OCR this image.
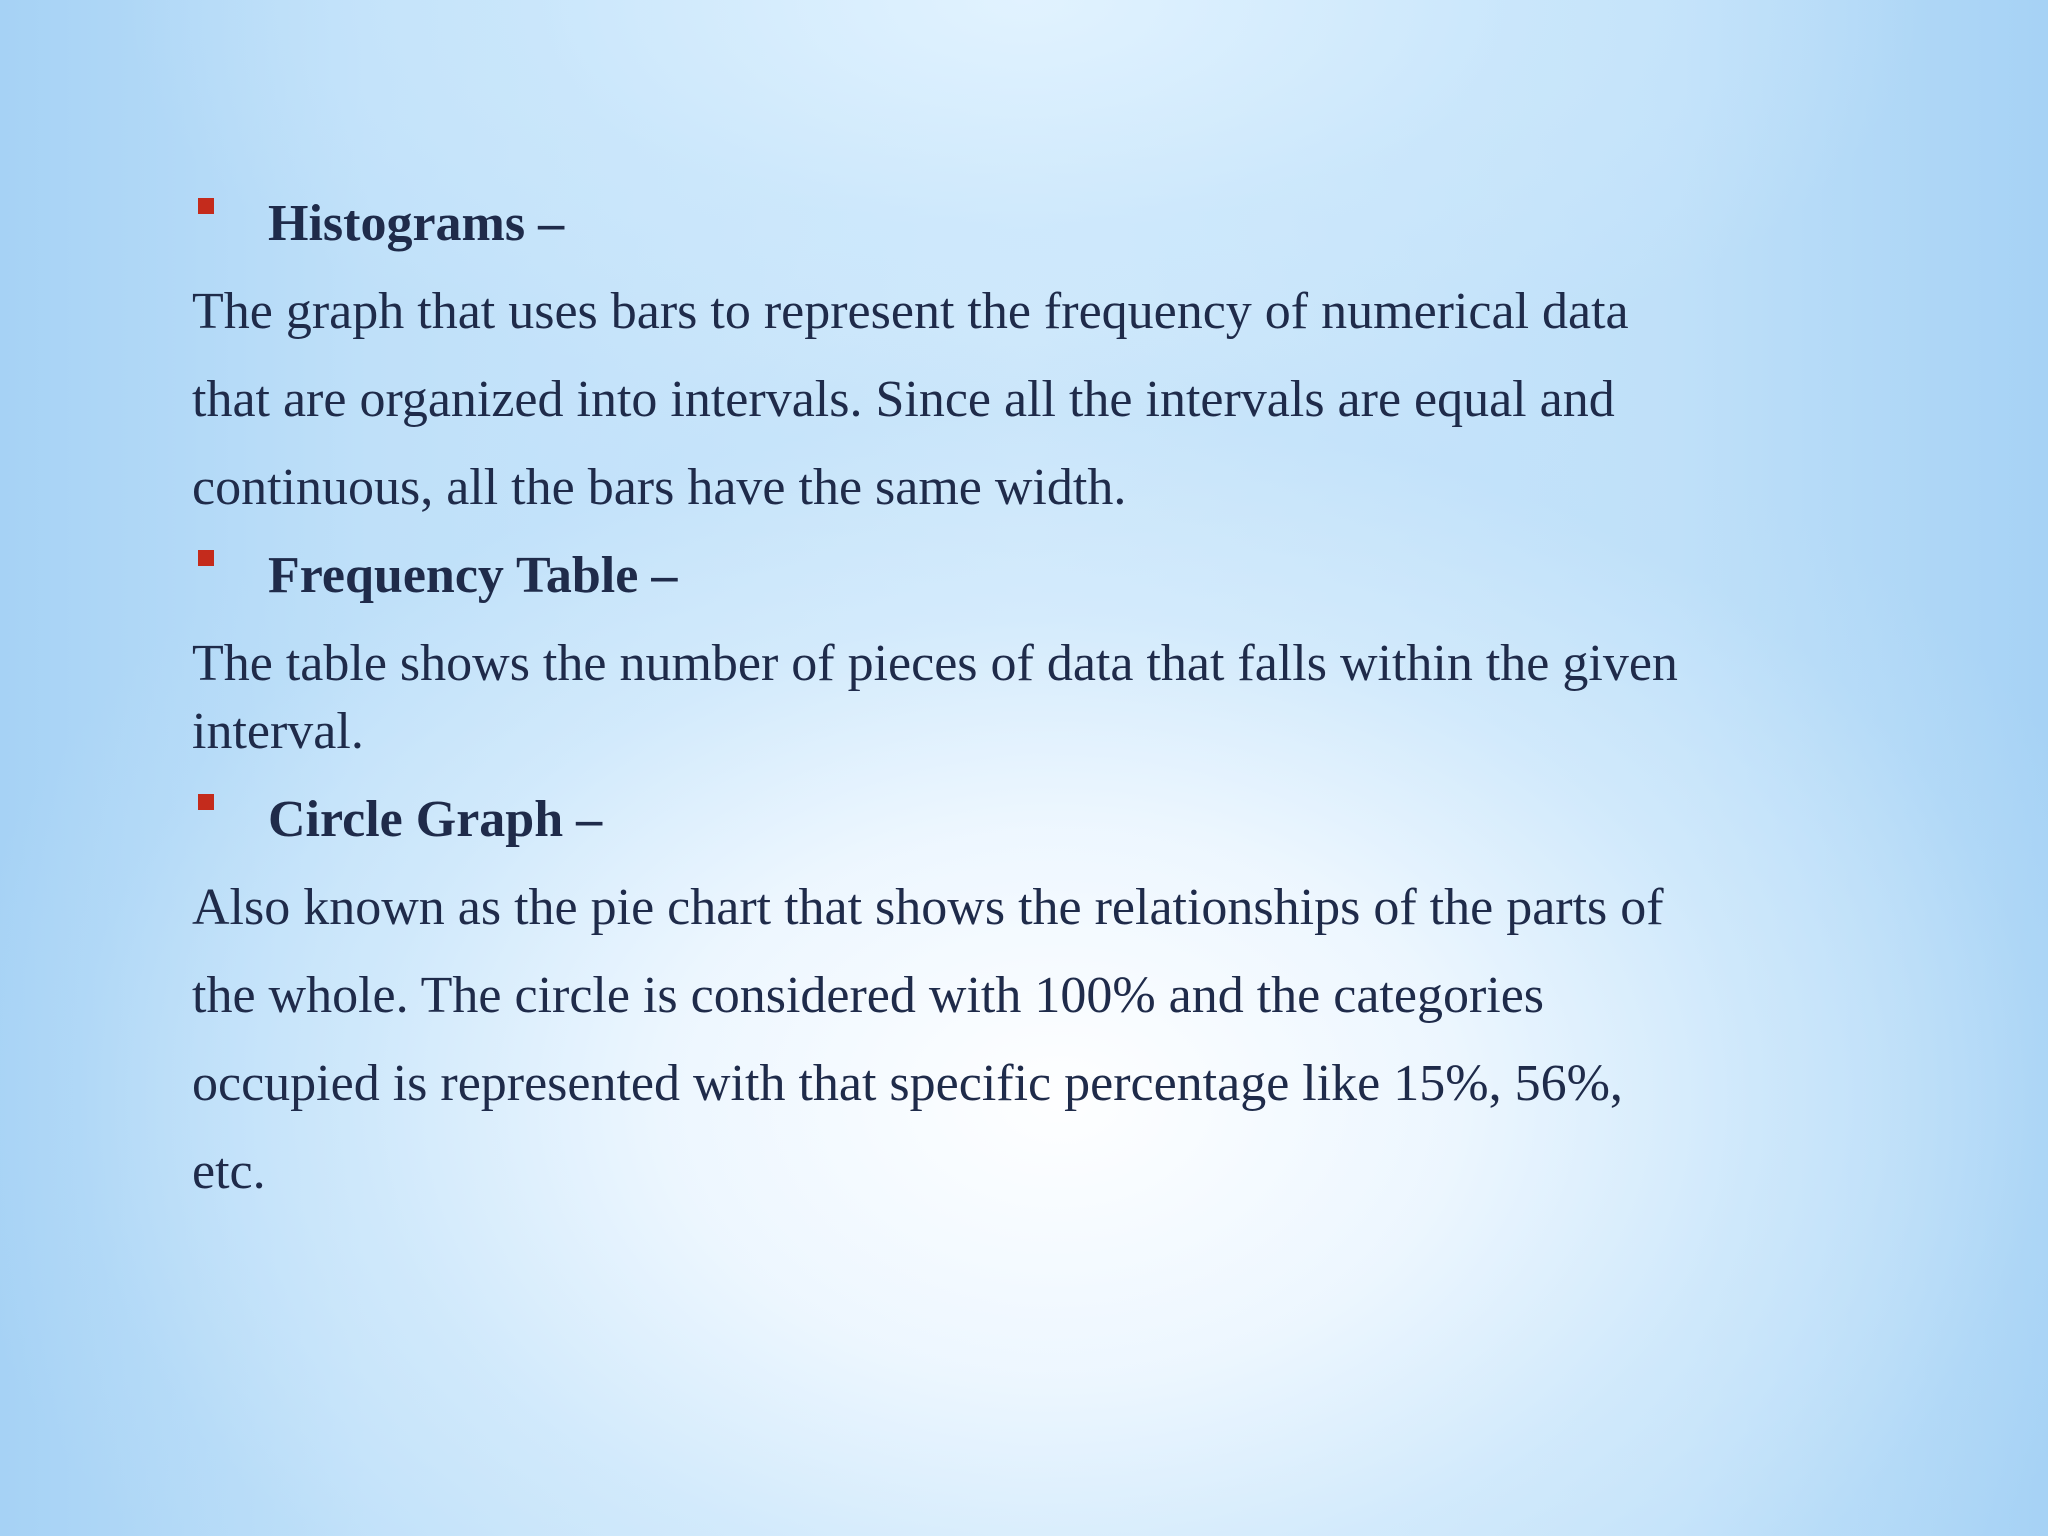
Histograms –

The graph that uses bars to represent the frequency of numerical data

that are organized into intervals. Since all the intervals are equal and

continuous, all the bars have the same width.

Frequency Table –
The table shows the number of pieces of data that falls within the given
interval.
Circle Graph –

Also known as the pie chart that shows the relationships of the parts of

the whole. The circle is considered with 100% and the categories

occupied is represented with that specific percentage like 15%, 56%,

etc.
